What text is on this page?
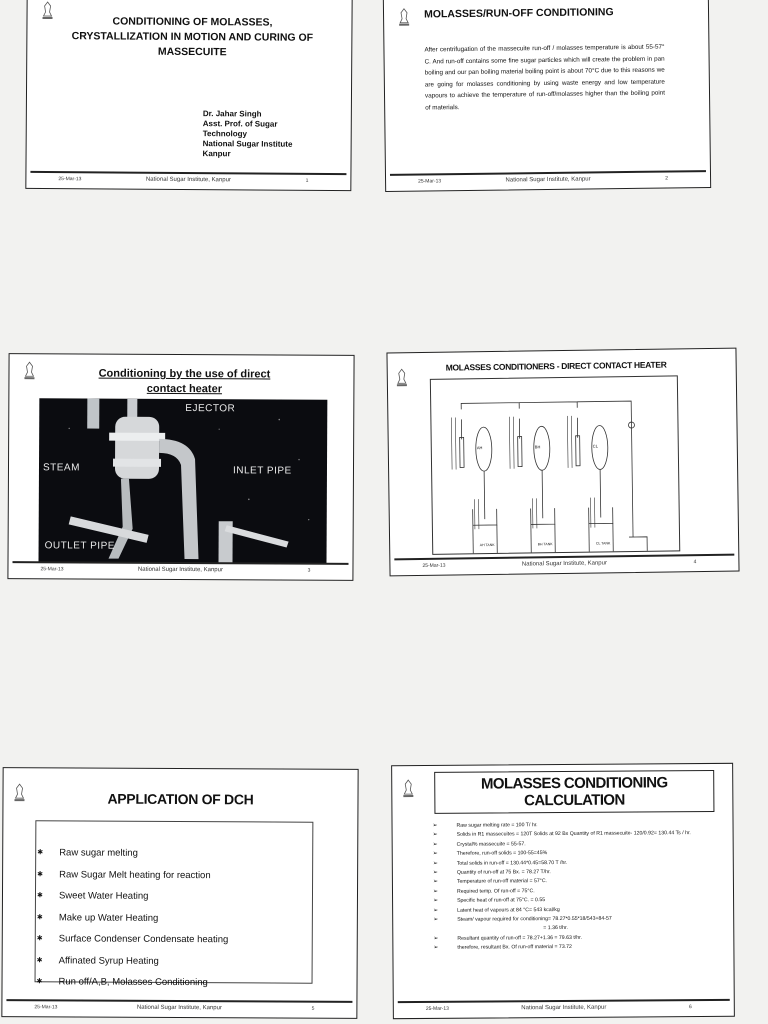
CONDITIONING OF MOLASSES, CRYSTALLIZATION IN MOTION AND CURING OF MASSECUITE
Dr. Jahar Singh
Asst. Prof. of Sugar
Technology
National Sugar Institute
Kanpur
25-Mar-13	National Sugar Institute, Kanpur	1
MOLASSES/RUN-OFF CONDITIONING
After centrifugation of the massecuite run-off / molasses temperature is about 55-57° C. And run-off contains some fine sugar particles which will create the problem in pan boiling and our pan boiling material boiling point is about 70°C due to this reasons we are going for molasses conditioning by using waste energy and low temperature vapours to achieve the temperature of run-off/molasses higher than the boiling point of materials.
25-Mar-13	National Sugar Institute, Kanpur	2
Conditioning by the use of direct contact heater
EJECTOR
STEAM	INLET PIPE
OUTLET PIPE
25-Mar-13	National Sugar Institute, Kanpur	3
MOLASSES CONDITIONERS - DIRECT CONTACT HEATER
AH	BH	CL
AH TANK	BH TANK	CL TANK
25-Mar-13	National Sugar Institute, Kanpur	4
APPLICATION OF DCH
✱ Raw sugar melting
✱ Raw Sugar Melt heating for reaction
✱ Sweet Water Heating
✱ Make up Water Heating
✱ Surface Condenser Condensate heating
✱ Affinated Syrup Heating
✱ Run off/A,B, Molasses Conditioning
25-Mar-13	National Sugar Institute, Kanpur	5
MOLASSES CONDITIONING CALCULATION
➢ Raw sugar melting rate = 100 T/ hr.
➢ Solids in R1 massecuites = 120T Solids at 92 Bx Quantity of R1 massecuite- 120/0.92= 130.44 Ts / hr.
➢ Crystal% massecuite = 55-57.
➢ Therefore, run-off solids = 100-55=45%
➢ Total solids in run-off = 130.44*0.45=58.70 T /hr.
➢ Quantity of run-off at 75 Bx. = 78.27 T/hr.
➢ Temperature of run-off material = 57°C.
➢ Required temp. Of run-off = 75°C.
➢ Specific heat of run-off at 75°C. = 0.55
➢ Latent heat of vapours at 84 °C= 543 kcal/kg
➢ Steam/ vapour required for conditioning= 78.27*0.55*18/543+84-57
= 1.36 t/hr.
➢ Resultant quantity of run-off = 78.27+1.36 = 79.63 t/hr.
➢ therefore, resultant Bx. Of run-off material = 73.72
25-Mar-13	National Sugar Institute, Kanpur	6
